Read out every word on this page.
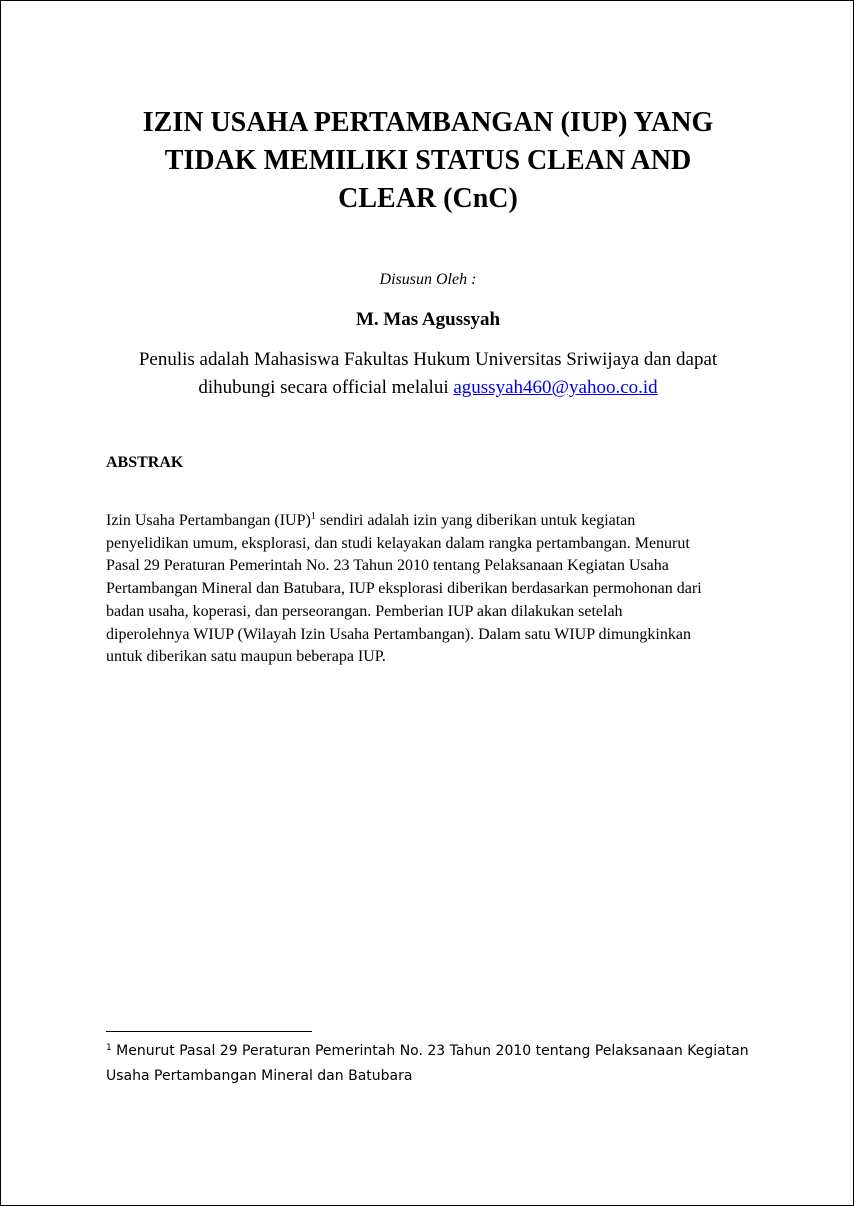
IZIN USAHA PERTAMBANGAN (IUP) YANG
TIDAK MEMILIKI STATUS CLEAN AND
CLEAR (CnC)
Disusun Oleh :
M. Mas Agussyah
Penulis adalah Mahasiswa Fakultas Hukum Universitas Sriwijaya dan dapat
dihubungi secara official melalui agussyah460@yahoo.co.id
ABSTRAK
Izin Usaha Pertambangan (IUP)$^1$ sendiri adalah izin yang diberikan untuk kegiatan
penyelidikan umum, eksplorasi, dan studi kelayakan dalam rangka pertambangan. Menurut
Pasal 29 Peraturan Pemerintah No. 23 Tahun 2010 tentang Pelaksanaan Kegiatan Usaha
Pertambangan Mineral dan Batubara, IUP eksplorasi diberikan berdasarkan permohonan dari
badan usaha, koperasi, dan perseorangan. Pemberian IUP akan dilakukan setelah
diperolehnya WIUP (Wilayah Izin Usaha Pertambangan). Dalam satu WIUP dimungkinkan
untuk diberikan satu maupun beberapa IUP.
$^1$ Menurut Pasal 29 Peraturan Pemerintah No. 23 Tahun 2010 tentang Pelaksanaan Kegiatan
Usaha Pertambangan Mineral dan Batubara
